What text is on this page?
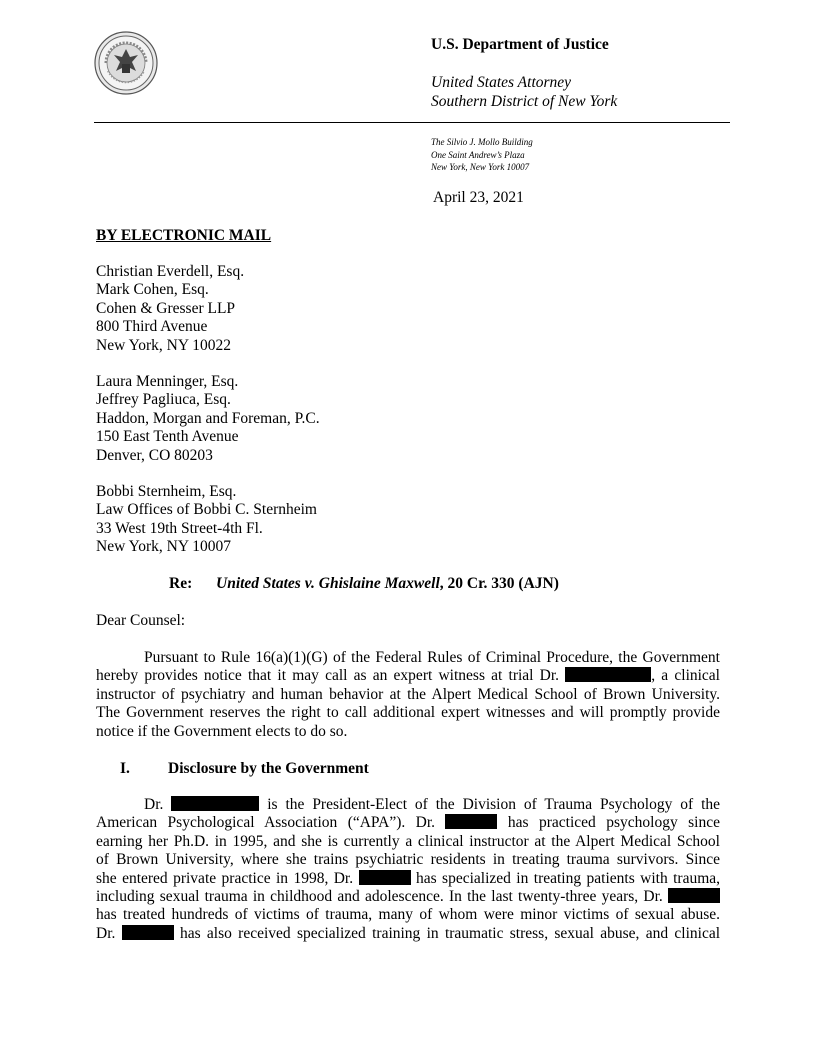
U.S. Department of Justice
United States Attorney
Southern District of New York
The Silvio J. Mollo Building
One Saint Andrew’s Plaza
New York, New York 10007
April 23, 2021
BY ELECTRONIC MAIL
Christian Everdell, Esq.
Mark Cohen, Esq.
Cohen & Gresser LLP
800 Third Avenue
New York, NY 10022
Laura Menninger, Esq.
Jeffrey Pagliuca, Esq.
Haddon, Morgan and Foreman, P.C.
150 East Tenth Avenue
Denver, CO 80203
Bobbi Sternheim, Esq.
Law Offices of Bobbi C. Sternheim
33 West 19th Street-4th Fl.
New York, NY 10007
Re: United States v. Ghislaine Maxwell, 20 Cr. 330 (AJN)
Dear Counsel:
Pursuant to Rule 16(a)(1)(G) of the Federal Rules of Criminal Procedure, the Government
hereby provides notice that it may call as an expert witness at trial Dr.	, a clinical
instructor of psychiatry and human behavior at the Alpert Medical School of Brown University.
The Government reserves the right to call additional expert witnesses and will promptly provide
notice if the Government elects to do so.
I. Disclosure by the Government
Dr.	is the President-Elect of the Division of Trauma Psychology of the
American Psychological Association (“APA”). Dr.	has practiced psychology since
earning her Ph.D. in 1995, and she is currently a clinical instructor at the Alpert Medical School
of Brown University, where she trains psychiatric residents in treating trauma survivors. Since
she entered private practice in 1998, Dr.	has specialized in treating patients with trauma,
including sexual trauma in childhood and adolescence. In the last twenty-three years, Dr.
has treated hundreds of victims of trauma, many of whom were minor victims of sexual abuse.
Dr.	has also received specialized training in traumatic stress, sexual abuse, and clinical
